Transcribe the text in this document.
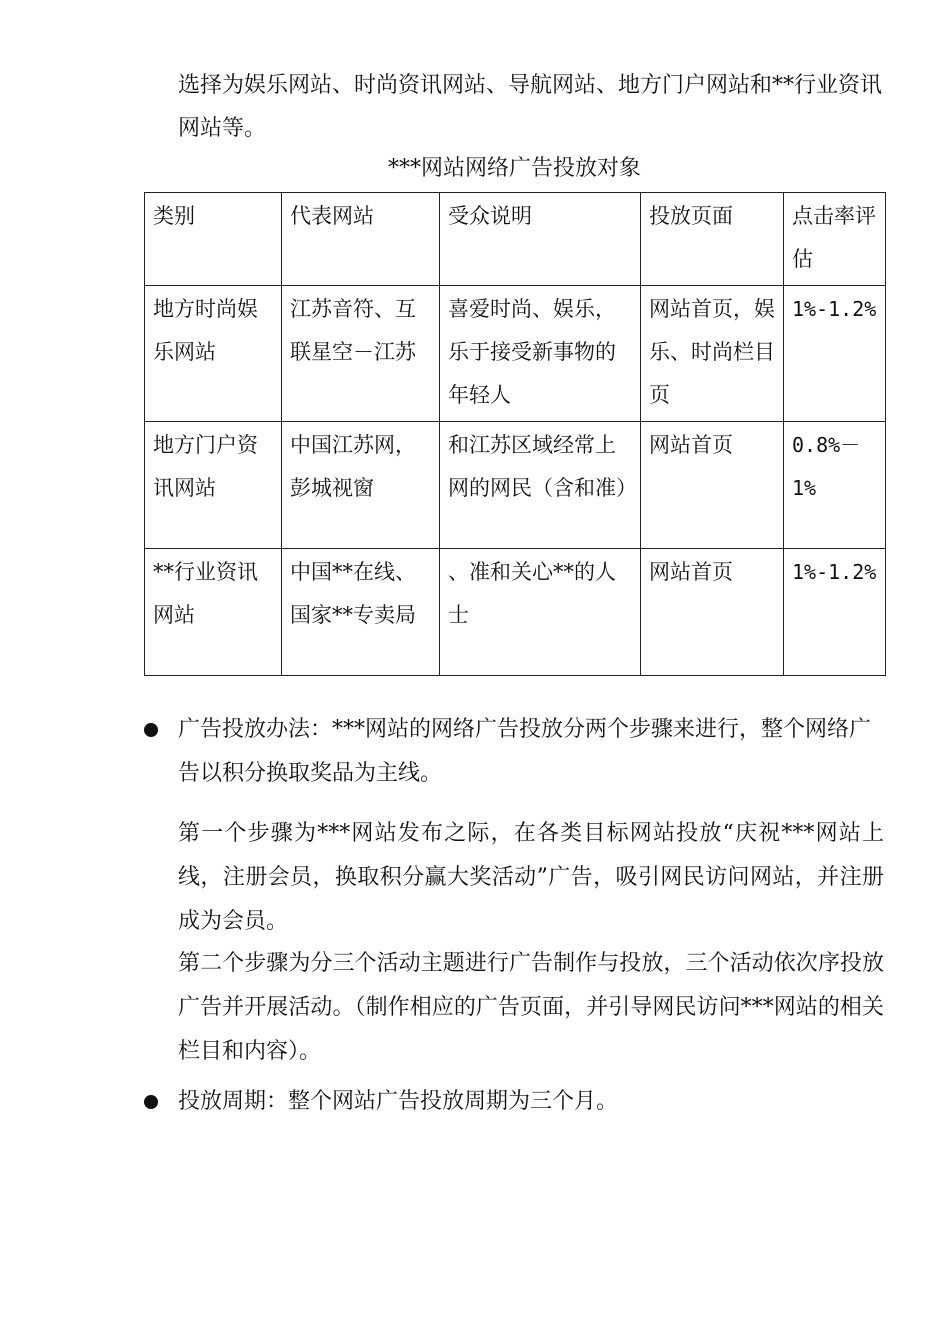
选择为娱乐网站、时尚资讯网站、导航网站、地方门户网站和**行业资讯网站等。

***网站网络广告投放对象
类别	代表网站	受众说明	投放页面	点击率评估
地方时尚娱乐网站	江苏音符、互联星空－江苏	喜爱时尚、娱乐，乐于接受新事物的年轻人	网站首页，娱乐、时尚栏目页	1%-1.2%
地方门户资讯网站	中国江苏网，彭城视窗	和江苏区域经常上网的网民（含和准）	网站首页	0.8%－1%
**行业资讯网站	中国**在线、国家**专卖局	、准和关心**的人士	网站首页	1%-1.2%

广告投放办法：***网站的网络广告投放分两个步骤来进行，整个网络广告以积分换取奖品为主线。

第一个步骤为***网站发布之际，在各类目标网站投放“庆祝***网站上线，注册会员，换取积分赢大奖活动”广告，吸引网民访问网站，并注册成为会员。

第二个步骤为分三个活动主题进行广告制作与投放，三个活动依次序投放广告并开展活动。（制作相应的广告页面，并引导网民访问***网站的相关栏目和内容）。

投放周期：整个网站广告投放周期为三个月。
